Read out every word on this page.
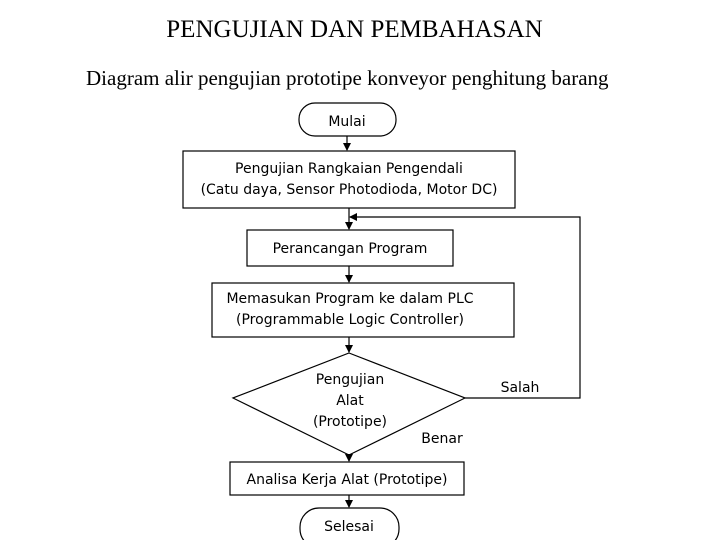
PENGUJIAN DAN PEMBAHASAN
Diagram alir pengujian prototipe konveyor penghitung barang
Mulai
Pengujian Rangkaian Pengendali
(Catu daya, Sensor Photodioda, Motor DC)
Perancangan Program
Memasukan Program ke dalam PLC
(Programmable Logic Controller)
Pengujian
Alat
(Prototipe)
Salah
Benar
Analisa Kerja Alat (Prototipe)
Selesai
